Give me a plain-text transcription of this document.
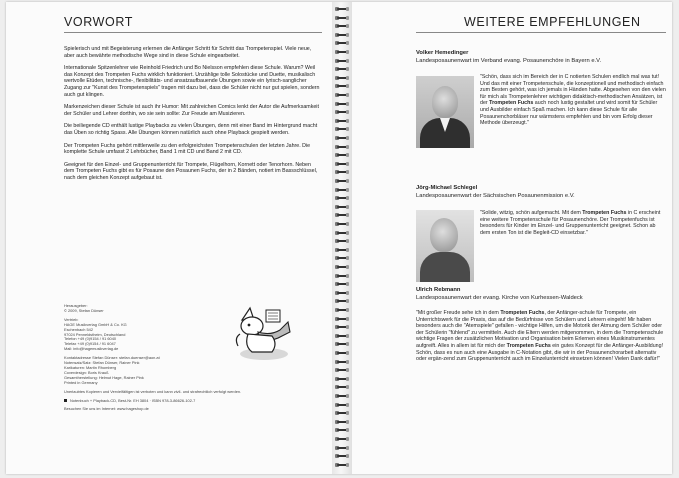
VORWORT

Spielerisch und mit Begeisterung erlernen die Anfänger Schritt für Schritt das Trompetenspiel. Viele neue, aber auch bewährte methodische Wege sind in diese Schule eingearbeitet.

Internationale Spitzenlehrer wie Reinhold Friedrich und Bo Nielsson empfehlen diese Schule. Warum? Weil das Konzept des Trompeten Fuchs wirklich funktioniert. Unzählige tolle Solostücke und Duette, musikalisch wertvolle Etüden, technische-, flexibilitäts- und ansatzaufbauende Übungen sowie ein lyrisch-sanglicher Zugang zur "Kunst des Trompetenspiels" tragen mit dazu bei, dass die Schüler nicht nur gut spielen, sondern auch gut klingen.

Markenzeichen dieser Schule ist auch ihr Humor: Mit zahlreichen Comics lenkt der Autor die Aufmerksamkeit der Schüler und Lehrer dorthin, wo sie sein sollte: Zur Freude am Musizieren.

Die beiliegende CD enthält lustige Playbacks zu vielen Übungen, denn mit einer Band im Hintergrund macht das Üben so richtig Spass. Alle Übungen können natürlich auch ohne Playback gespielt werden.

Der Trompeten Fuchs gehört mittlerweile zu den erfolgreichsten Trompetenschulen der letzten Jahre. Die komplette Schule umfasst 2 Lehrbücher, Band 1 mit CD und Band 2 mit CD.

Geeignet für den Einzel- und Gruppenunterricht für Trompete, Flügelhorn, Kornett oder Tenorhorn. Neben dem Trompeten Fuchs gibt es für Posaune den Posaunen Fuchs, der in 2 Bänden, notiert im Bassschlüssel, nach dem gleichen Konzept aufgebaut ist.

Herausgeber:
© 2009, Stefan Dünser

Vertrieb:
HAGE Musikverlag GmbH & Co. KG
Eschenbach 542
97024 Penneldstheim, Deutschland
Telefon +49 (0)9154 / 91 6040
Telefax +49 (0)9154 / 91 6047
Mail: info@hagemusikverlag.de

Kontaktadresse Stefan Dünser: stefan.duenser@aon.at
Notensatz/Satz: Stefan Dünser, Rainer Pink
Karikaturen: Martin Rhomberg
Coverdesign: Boris Krauß
Gesamtherstellung: Helmut Hage, Rainer Pink
Printed in Germany

Unerlaubtes Kopieren und Vervielfältigen ist verboten und kann zivil- und strafrechtlich verfolgt werden.

Notenbuch + Playback-CD, Best-Nr. EH 3804 · ISBN 978-3-86626-102-7

Besuchen Sie uns im Internet: www.hageshop.de

WEITERE EMPFEHLUNGEN
Volker Hemedinger
Landesposaunenwart im Verband evang. Posaunenchöre in Bayern e.V.
"Schön, dass sich im Bereich der in C notierten Schulen endlich mal was tut! Und das mit einer Trompetenschule, die konzeptionell und methodisch einfach zum Besten gehört, was ich jemals in Händen hatte. Abgesehen von den vielen für mich als Trompetenlehrer wichtigen didaktisch-methodischen Ansätzen, ist der Trompeten Fuchs auch noch lustig gestaltet und wird somit für Schüler und Ausbilder einfach Spaß machen. Ich kann diese Schule für alle Posaunenchorbläser nur wärmstens empfehlen und bin vom Erfolg dieser Methode überzeugt."
Jörg-Michael Schlegel
Landesposaunenwart der Sächsischen Posaunenmission e.V.
"Solide, witzig, schön aufgemacht. Mit dem Trompeten Fuchs in C erscheint eine weitere Trompetenschule für Posaunenchöre. Der Trompetenfuchs ist besonders für Kinder im Einzel- und Gruppenunterricht geeignet. Schon ab dem ersten Ton ist die Begleit-CD einsetzbar."
Ulrich Rebmann
Landesposaunenwart der evang. Kirche von Kurhessen-Waldeck
"Mit großer Freude sehe ich in dem Trompeten Fuchs, der Anfänger-schule für Trompete, ein Unterrichtswerk für die Praxis, das auf die Bedürfnisse von Schülern und Lehrern eingeht! Mir haben besonders auch die "Atemspiele" gefallen - wichtige Hilfen, um die Motorik der Atmung dem Schüler oder der Schülerin "fühlend" zu vermitteln. Auch die Eltern werden mitgenommen, in dem die Trompetenschule wichtige Fragen der zusätzlichen Motivation und Organisation beim Erlernen eines Musikinstrumentes aufgreift. Alles in allem ist für mich der Trompeten Fuchs ein gutes Konzept für die Anfänger-Ausbildung! Schön, dass es nun auch eine Ausgabe in C-Notation gibt, die wir in der Posaunenchorarbeit alternativ oder ergän-zend zum Gruppenunterricht auch im Einzelunterricht einsetzen können! Vielen Dank dafür!"
